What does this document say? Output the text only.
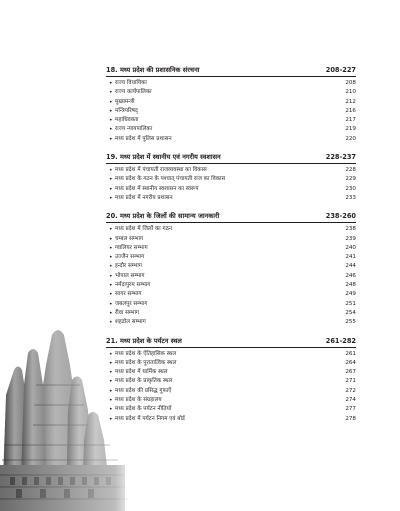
18. मध्य प्रदेश की प्रशासनिक संरचना	208-227
• राज्य विधायिका	208
• राज्य कार्यपालिका	210
• मुख्यमन्त्री	212
• मन्त्रिपरिषद्	216
• महाधिवक्ता	217
• राज्य न्यायपालिका	219
• मध्य प्रदेश में पुलिस प्रशासन	220
19. मध्य प्रदेश में स्थानीय एवं नगरीय स्वशासन	228-237
• मध्य प्रदेश में पंचायती राजव्यवस्था का विकास	228
• मध्य प्रदेश के गठन के पश्चात् पंचायती राज का विकास	229
• मध्य प्रदेश में स्थानीय स्वशासन का स्वरूप	230
• मध्य प्रदेश में नगरीय प्रशासन	233
20. मध्य प्रदेश के जिलों की सामान्य जानकारी	238-260
• मध्य प्रदेश में जिलों का गठन	238
• चम्बल सम्भाग	239
• ग्वालियर सम्भाग	240
• उज्जैन सम्भाग	241
• इन्दौर सम्भाग	244
• भोपाल सम्भाग	246
• नर्मदापुरम सम्भाग	248
• सागर सम्भाग	249
• जबलपुर सम्भाग	251
• रीवा सम्भाग	254
• शहडोल सम्भाग	255
21. मध्य प्रदेश के पर्यटन स्थल	261-282
• मध्य प्रदेश के ऐतिहासिक स्थल	261
• मध्य प्रदेश के पुरातात्विक स्थल	264
• मध्य प्रदेश में धार्मिक स्थल	267
• मध्य प्रदेश के प्राकृतिक स्थल	271
• मध्य प्रदेश की प्रसिद्ध गुफाएँ	272
• मध्य प्रदेश के संग्रहालय	274
• मध्य प्रदेश के पर्यटन नीतियाँ	277
• मध्य प्रदेश में पर्यटन निगम एवं बोर्ड	278
